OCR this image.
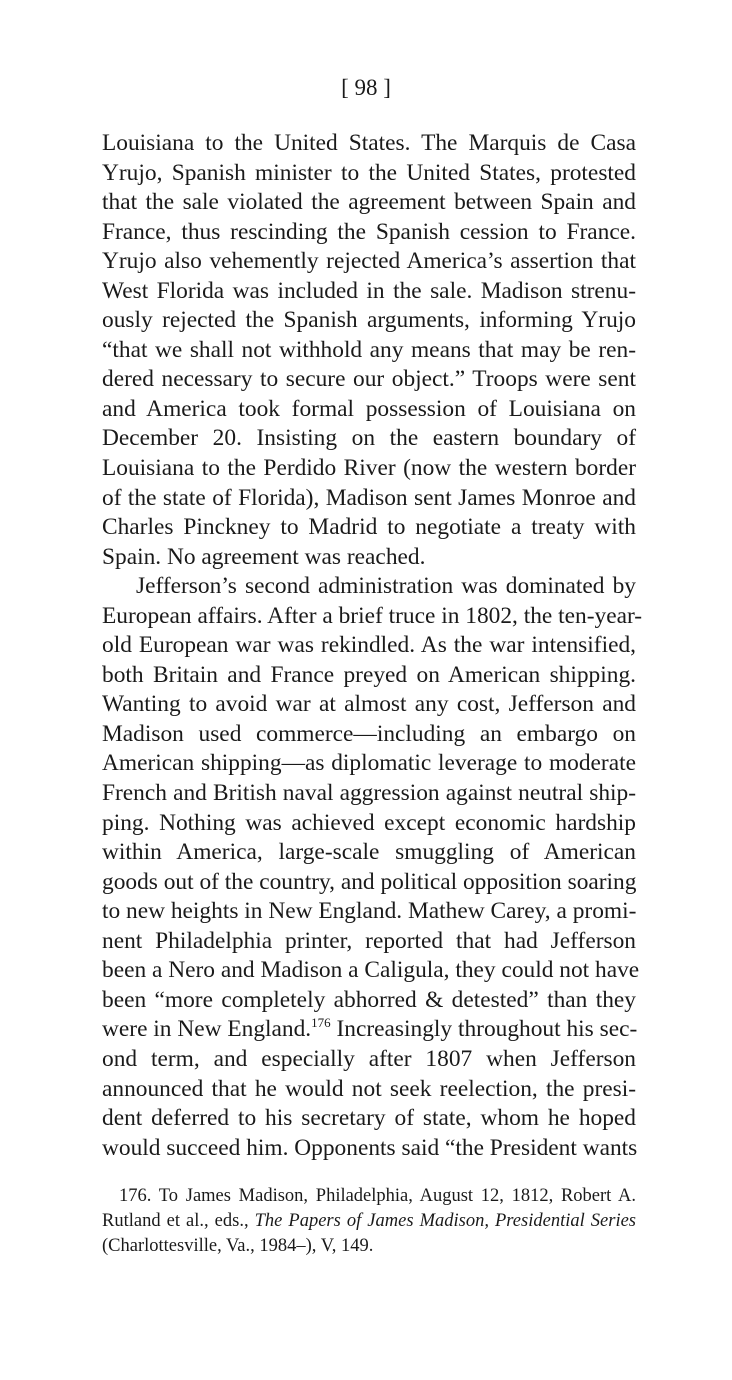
[ 98 ]
Louisiana to the United States. The Marquis de Casa
Yrujo, Spanish minister to the United States, protested
that the sale violated the agreement between Spain and
France, thus rescinding the Spanish cession to France.
Yrujo also vehemently rejected America’s assertion that
West Florida was included in the sale. Madison strenu-
ously rejected the Spanish arguments, informing Yrujo
“that we shall not withhold any means that may be ren-
dered necessary to secure our object.” Troops were sent
and America took formal possession of Louisiana on
December 20. Insisting on the eastern boundary of
Louisiana to the Perdido River (now the western border
of the state of Florida), Madison sent James Monroe and
Charles Pinckney to Madrid to negotiate a treaty with
Spain. No agreement was reached.
Jefferson’s second administration was dominated by
European affairs. After a brief truce in 1802, the ten-year-
old European war was rekindled. As the war intensified,
both Britain and France preyed on American shipping.
Wanting to avoid war at almost any cost, Jefferson and
Madison used commerce—including an embargo on
American shipping—as diplomatic leverage to moderate
French and British naval aggression against neutral ship-
ping. Nothing was achieved except economic hardship
within America, large-scale smuggling of American
goods out of the country, and political opposition soaring
to new heights in New England. Mathew Carey, a promi-
nent Philadelphia printer, reported that had Jefferson
been a Nero and Madison a Caligula, they could not have
been “more completely abhorred & detested” than they
were in New England.$^{176}$ Increasingly throughout his sec-
ond term, and especially after 1807 when Jefferson
announced that he would not seek reelection, the presi-
dent deferred to his secretary of state, whom he hoped
would succeed him. Opponents said “the President wants
176. To James Madison, Philadelphia, August 12, 1812, Robert A.
Rutland et al., eds., The Papers of James Madison, Presidential Series
(Charlottesville, Va., 1984–), V, 149.
